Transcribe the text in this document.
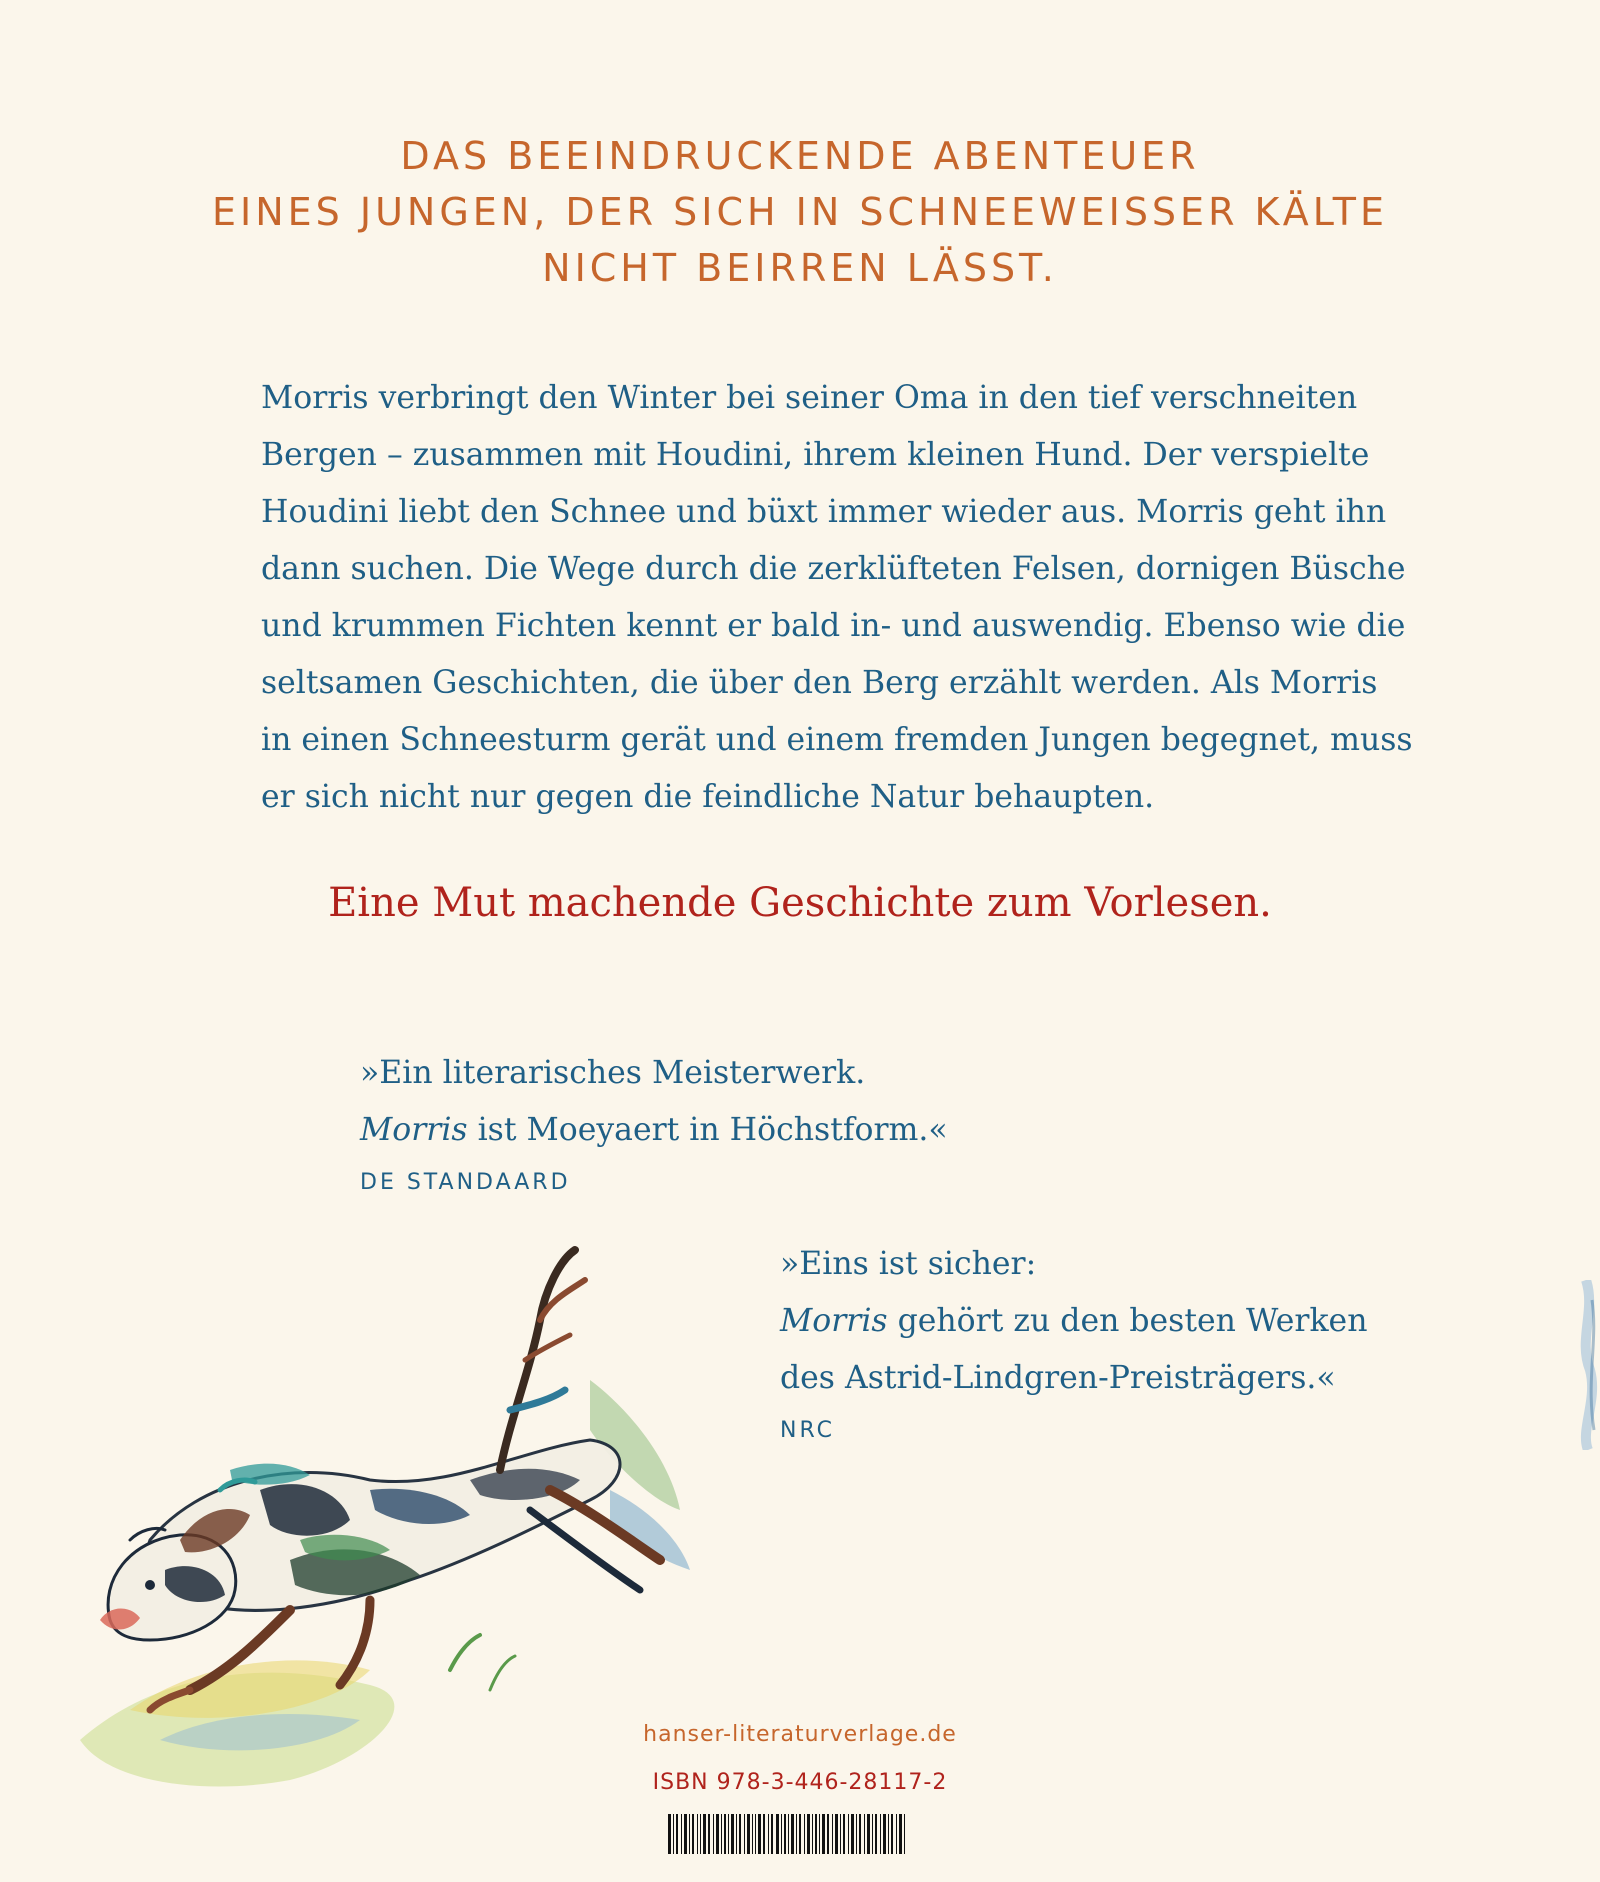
DAS BEEINDRUCKENDE ABENTEUER
EINES JUNGEN, DER SICH IN SCHNEEWEISSER KÄLTE
NICHT BEIRREN LÄSST.
Morris verbringt den Winter bei seiner Oma in den tief verschneiten
Bergen – zusammen mit Houdini, ihrem kleinen Hund. Der verspielte
Houdini liebt den Schnee und büxt immer wieder aus. Morris geht ihn
dann suchen. Die Wege durch die zerklüfteten Felsen, dornigen Büsche
und krummen Fichten kennt er bald in- und auswendig. Ebenso wie die
seltsamen Geschichten, die über den Berg erzählt werden. Als Morris
in einen Schneesturm gerät und einem fremden Jungen begegnet, muss
er sich nicht nur gegen die feindliche Natur behaupten.
Eine Mut machende Geschichte zum Vorlesen.
»Ein literarisches Meisterwerk.
Morris ist Moeyaert in Höchstform.«
DE STANDAARD
»Eins ist sicher:
Morris gehört zu den besten Werken
des Astrid-Lindgren-Preisträgers.«
NRC
hanser-literaturverlage.de
ISBN 978-3-446-28117-2
